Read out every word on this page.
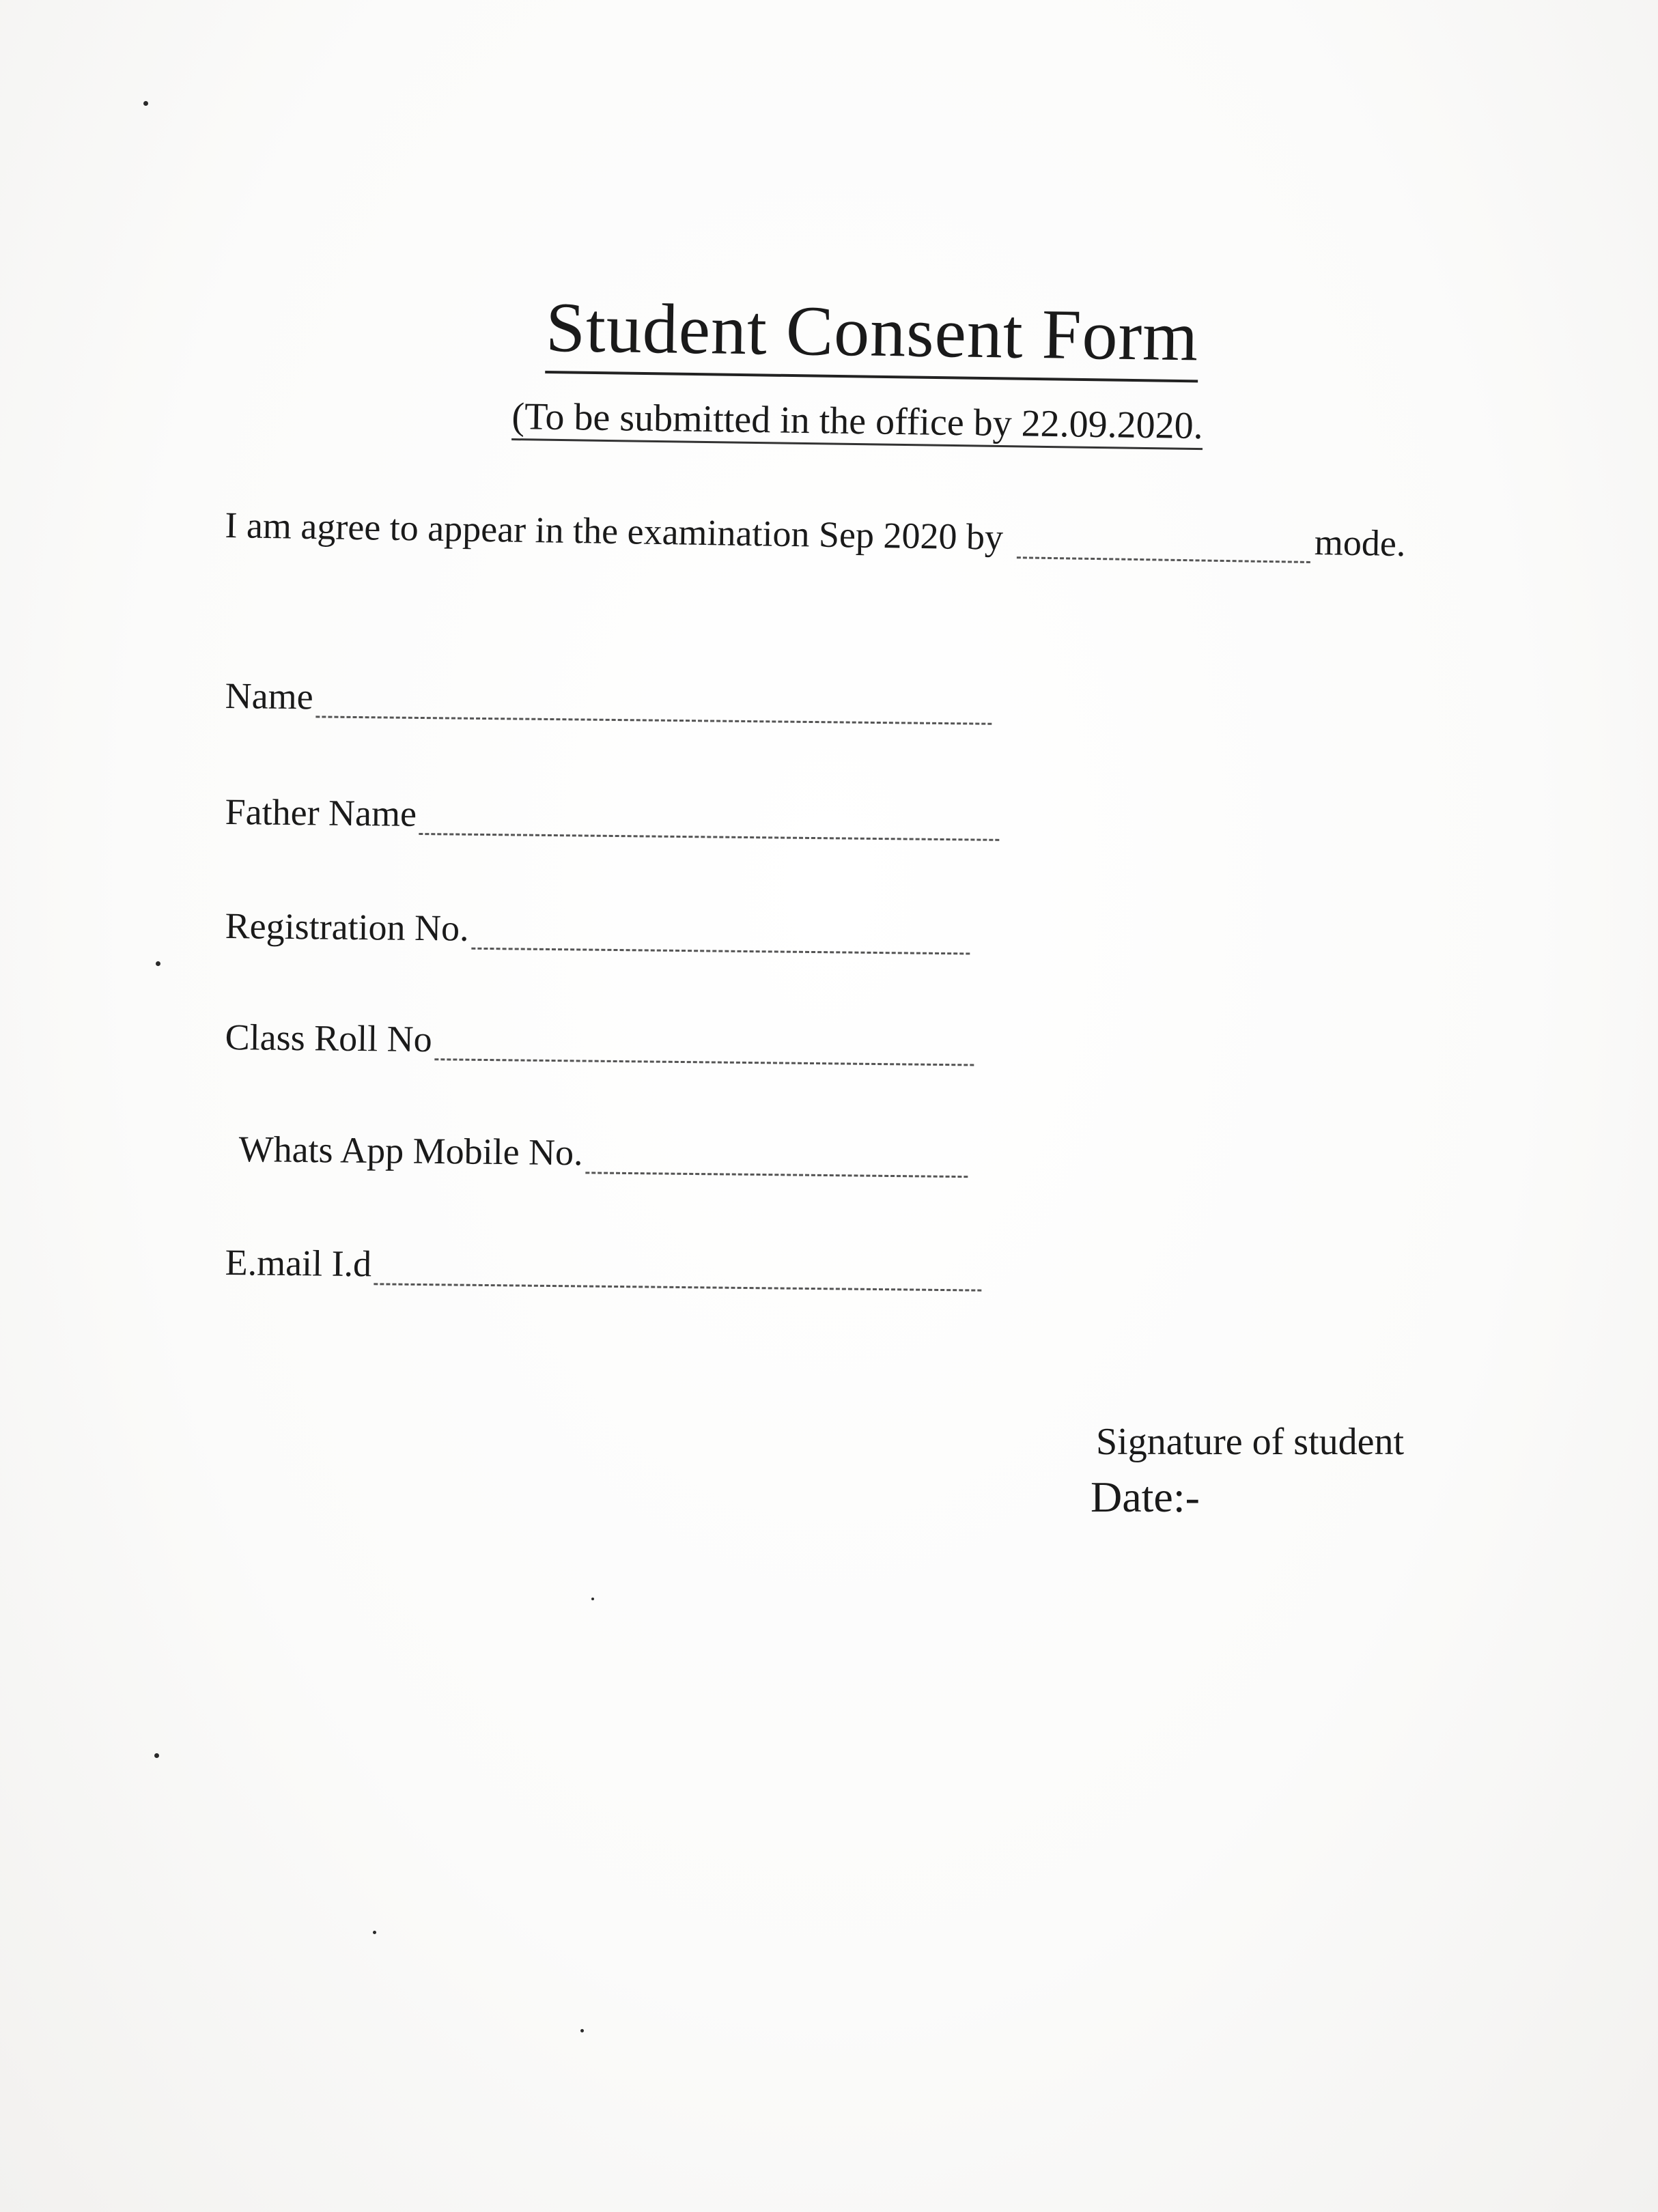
Student Consent Form
(To be submitted in the office by 22.09.2020.
I am agree to appear in the examination Sep 2020 by	mode.
Name
Father Name
Registration No.
Class Roll No
Whats App Mobile No.
E.mail I.d
Signature of student
Date:-
